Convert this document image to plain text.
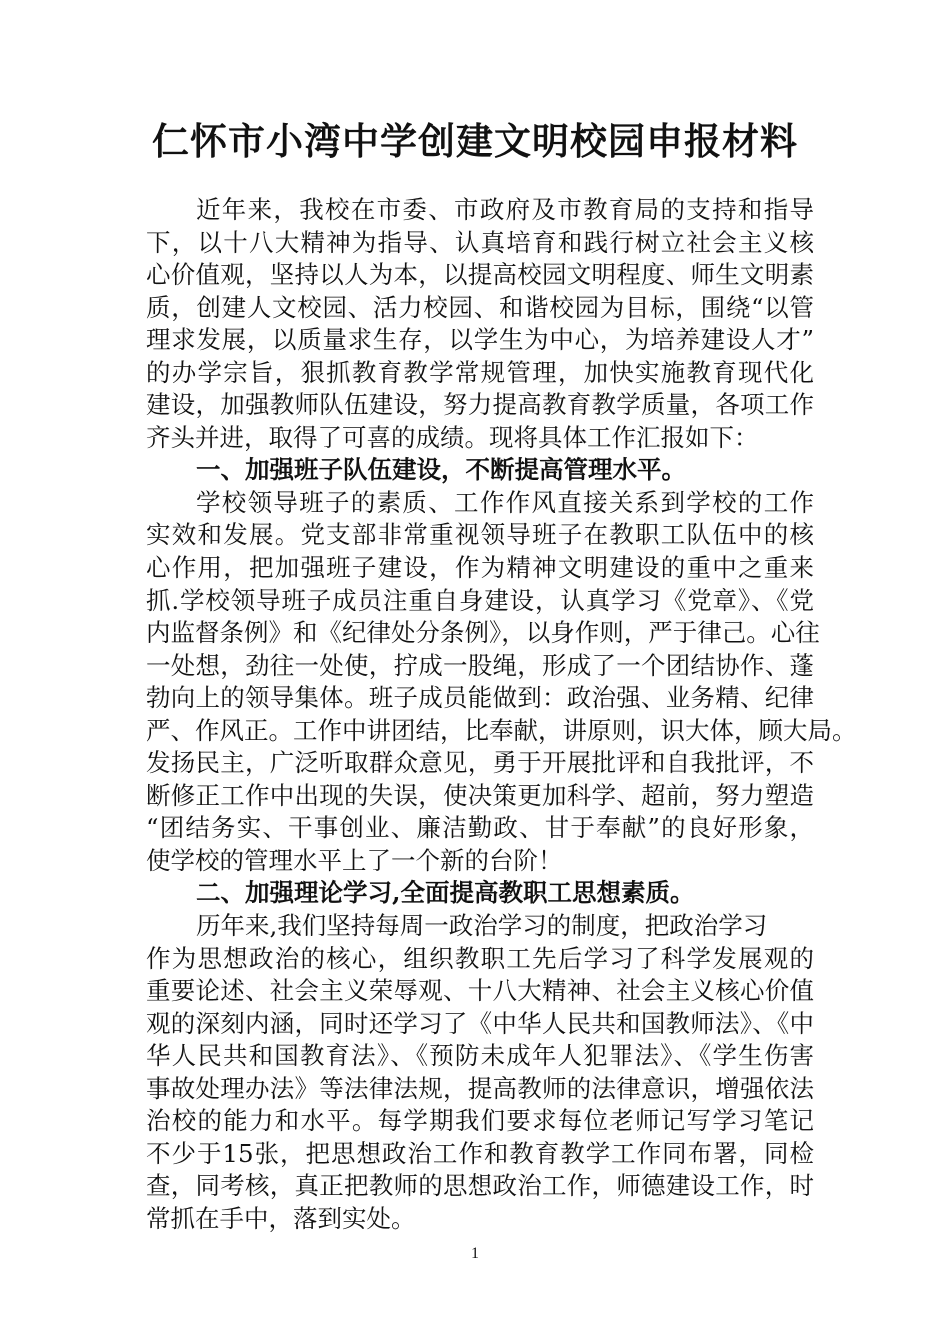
仁怀市小湾中学创建文明校园申报材料
近年来，我校在市委、市政府及市教育局的支持和指导
下，以十八大精神为指导、认真培育和践行树立社会主义核
心价值观，坚持以人为本，以提高校园文明程度、师生文明素
质，创建人文校园、活力校园、和谐校园为目标，围绕“以管
理求发展，以质量求生存，以学生为中心，为培养建设人才”
的办学宗旨，狠抓教育教学常规管理，加快实施教育现代化
建设，加强教师队伍建设，努力提高教育教学质量，各项工作
齐头并进，取得了可喜的成绩。现将具体工作汇报如下：
一、加强班子队伍建设，不断提高管理水平。
学校领导班子的素质、工作作风直接关系到学校的工作
实效和发展。党支部非常重视领导班子在教职工队伍中的核
心作用，把加强班子建设，作为精神文明建设的重中之重来
抓.学校领导班子成员注重自身建设，认真学习《党章》、《党
内监督条例》和《纪律处分条例》，以身作则，严于律己。心往
一处想，劲往一处使，拧成一股绳，形成了一个团结协作、蓬
勃向上的领导集体。班子成员能做到：政治强、业务精、纪律
严、作风正。工作中讲团结，比奉献，讲原则，识大体，顾大局。
发扬民主，广泛听取群众意见，勇于开展批评和自我批评，不
断修正工作中出现的失误，使决策更加科学、超前，努力塑造
“团结务实、干事创业、廉洁勤政、甘于奉献”的良好形象，
使学校的管理水平上了一个新的台阶！
二、加强理论学习,全面提高教职工思想素质。
历年来,我们坚持每周一政治学习的制度，把政治学习
作为思想政治的核心，组织教职工先后学习了科学发展观的
重要论述、社会主义荣辱观、十八大精神、社会主义核心价值
观的深刻内涵，同时还学习了《中华人民共和国教师法》、《中
华人民共和国教育法》、《预防未成年人犯罪法》、《学生伤害
事故处理办法》等法律法规，提高教师的法律意识，增强依法
治校的能力和水平。每学期我们要求每位老师记写学习笔记
不少于15张，把思想政治工作和教育教学工作同布署，同检
查，同考核，真正把教师的思想政治工作，师德建设工作，时
常抓在手中，落到实处。
1
